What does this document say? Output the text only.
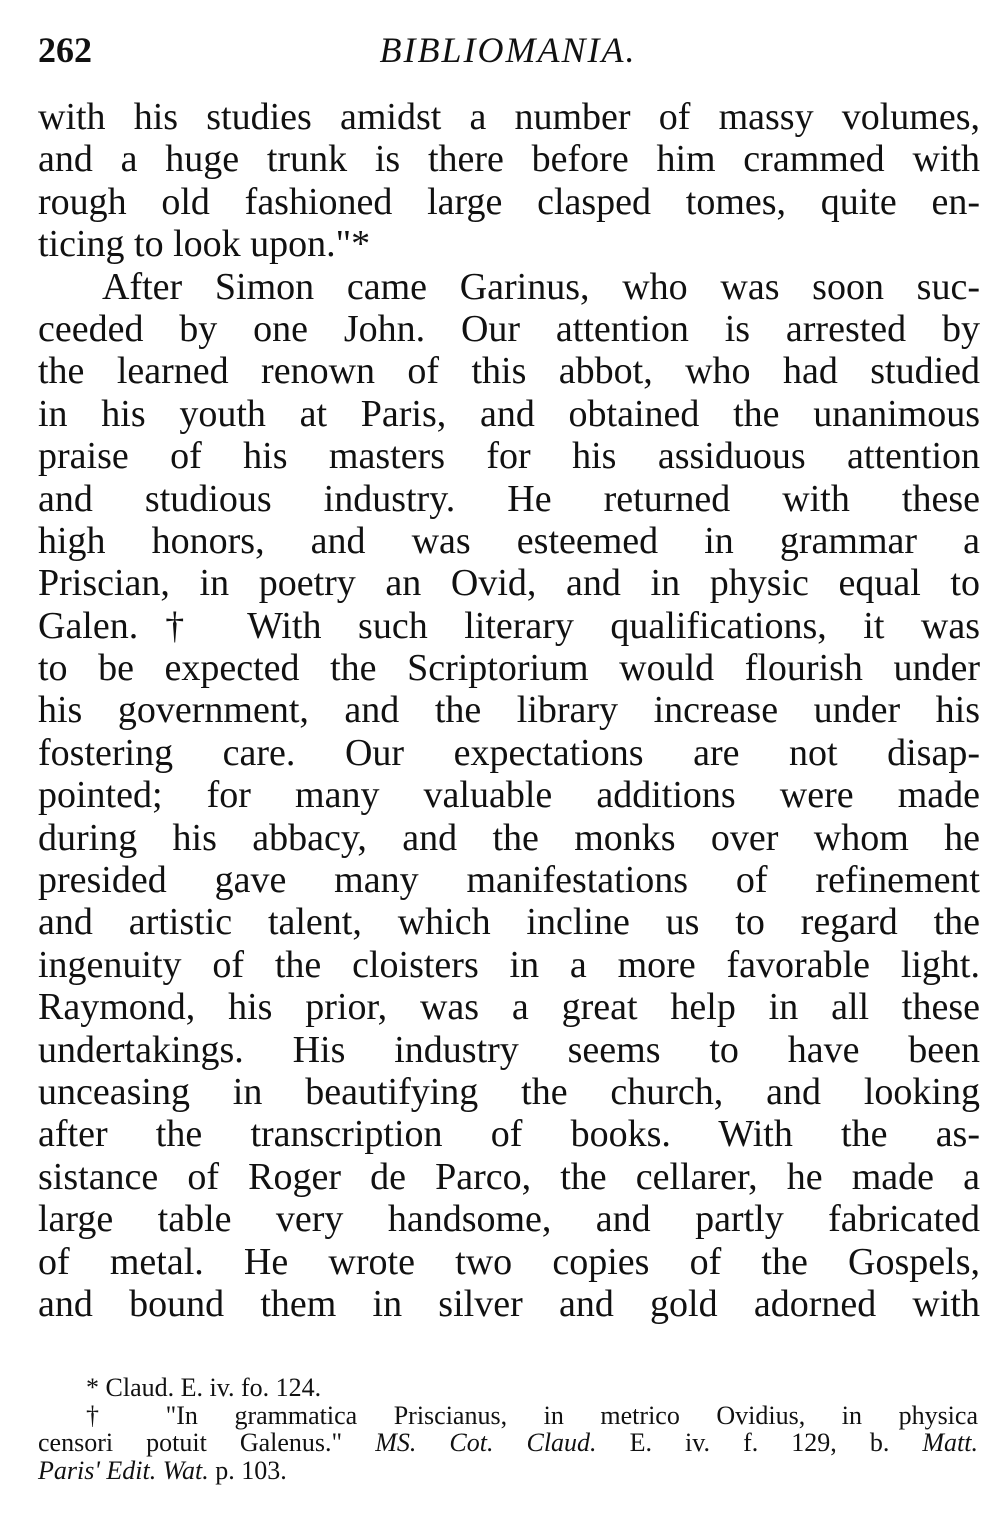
262	BIBLIOMANIA.
with his studies amidst a number of massy volumes,
and a huge trunk is there before him crammed with
rough old fashioned large clasped tomes, quite en-
ticing to look upon."*
After Simon came Garinus, who was soon suc-
ceeded by one John. Our attention is arrested by
the learned renown of this abbot, who had studied
in his youth at Paris, and obtained the unanimous
praise of his masters for his assiduous attention
and studious industry. He returned with these
high honors, and was esteemed in grammar a
Priscian, in poetry an Ovid, and in physic equal to
Galen.† With such literary qualifications, it was
to be expected the Scriptorium would flourish under
his government, and the library increase under his
fostering care. Our expectations are not disap-
pointed; for many valuable additions were made
during his abbacy, and the monks over whom he
presided gave many manifestations of refinement
and artistic talent, which incline us to regard the
ingenuity of the cloisters in a more favorable light.
Raymond, his prior, was a great help in all these
undertakings. His industry seems to have been
unceasing in beautifying the church, and looking
after the transcription of books. With the as-
sistance of Roger de Parco, the cellarer, he made a
large table very handsome, and partly fabricated
of metal. He wrote two copies of the Gospels,
and bound them in silver and gold adorned with
* Claud. E. iv. fo. 124.
† "In grammatica Priscianus, in metrico Ovidius, in physica
censori potuit Galenus." MS. Cot. Claud. E. iv. f. 129, b. Matt.
Paris' Edit. Wat. p. 103.
